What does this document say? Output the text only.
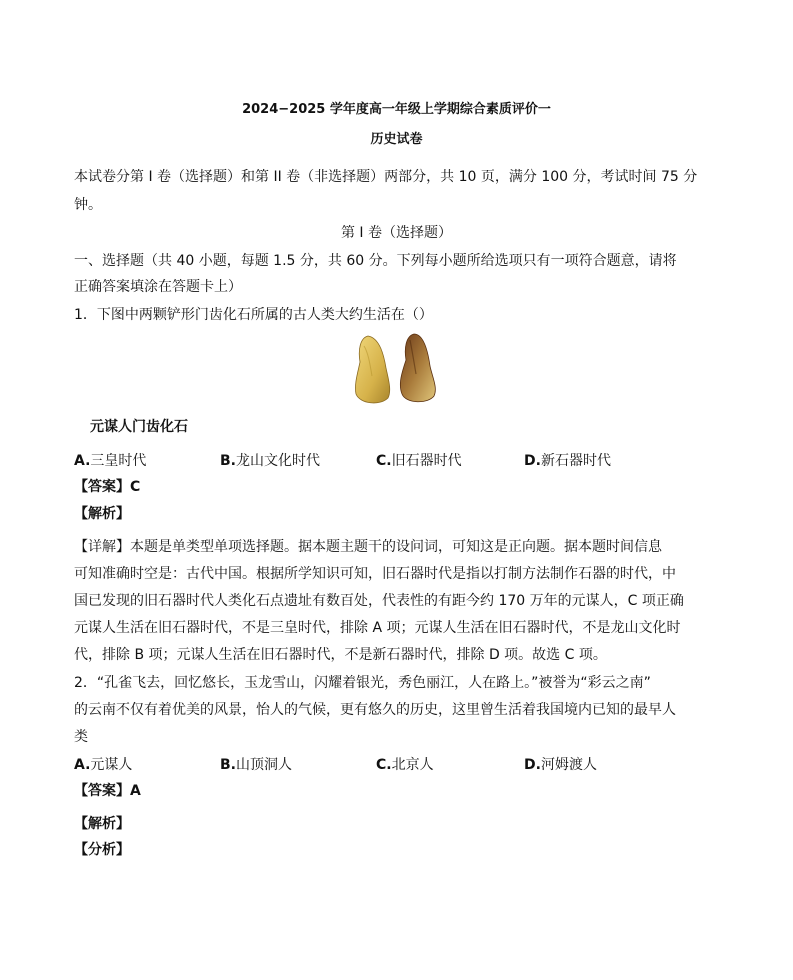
2024−2025 学年度高一年级上学期综合素质评价一
历史试卷
本试卷分第 I 卷（选择题）和第 II 卷（非选择题）两部分，共 10 页，满分 100 分，考试时间 75 分
钟。
第 I 卷（选择题）
一、选择题（共 40 小题，每题 1.5 分，共 60 分。下列每小题所给选项只有一项符合题意，请将
正确答案填涂在答题卡上）
1．下图中两颗铲形门齿化石所属的古人类大约生活在（）
元谋人门齿化石
A.三皇时代	B.龙山文化时代	C.旧石器时代	D.新石器时代
【答案】C
【解析】
【详解】本题是单类型单项选择题。据本题主题干的设问词，可知这是正向题。据本题时间信息
可知准确时空是：古代中国。根据所学知识可知，旧石器时代是指以打制方法制作石器的时代，中
国已发现的旧石器时代人类化石点遗址有数百处，代表性的有距今约 170 万年的元谋人，C 项正确
元谋人生活在旧石器时代，不是三皇时代，排除 A 项；元谋人生活在旧石器时代，不是龙山文化时
代，排除 B 项；元谋人生活在旧石器时代，不是新石器时代，排除 D 项。故选 C 项。
2．“孔雀飞去，回忆悠长，玉龙雪山，闪耀着银光，秀色丽江，人在路上。”被誉为“彩云之南”
的云南不仅有着优美的风景，怡人的气候，更有悠久的历史，这里曾生活着我国境内已知的最早人
类
A.元谋人	B.山顶洞人	C.北京人	D.河姆渡人
【答案】A
【解析】
【分析】
